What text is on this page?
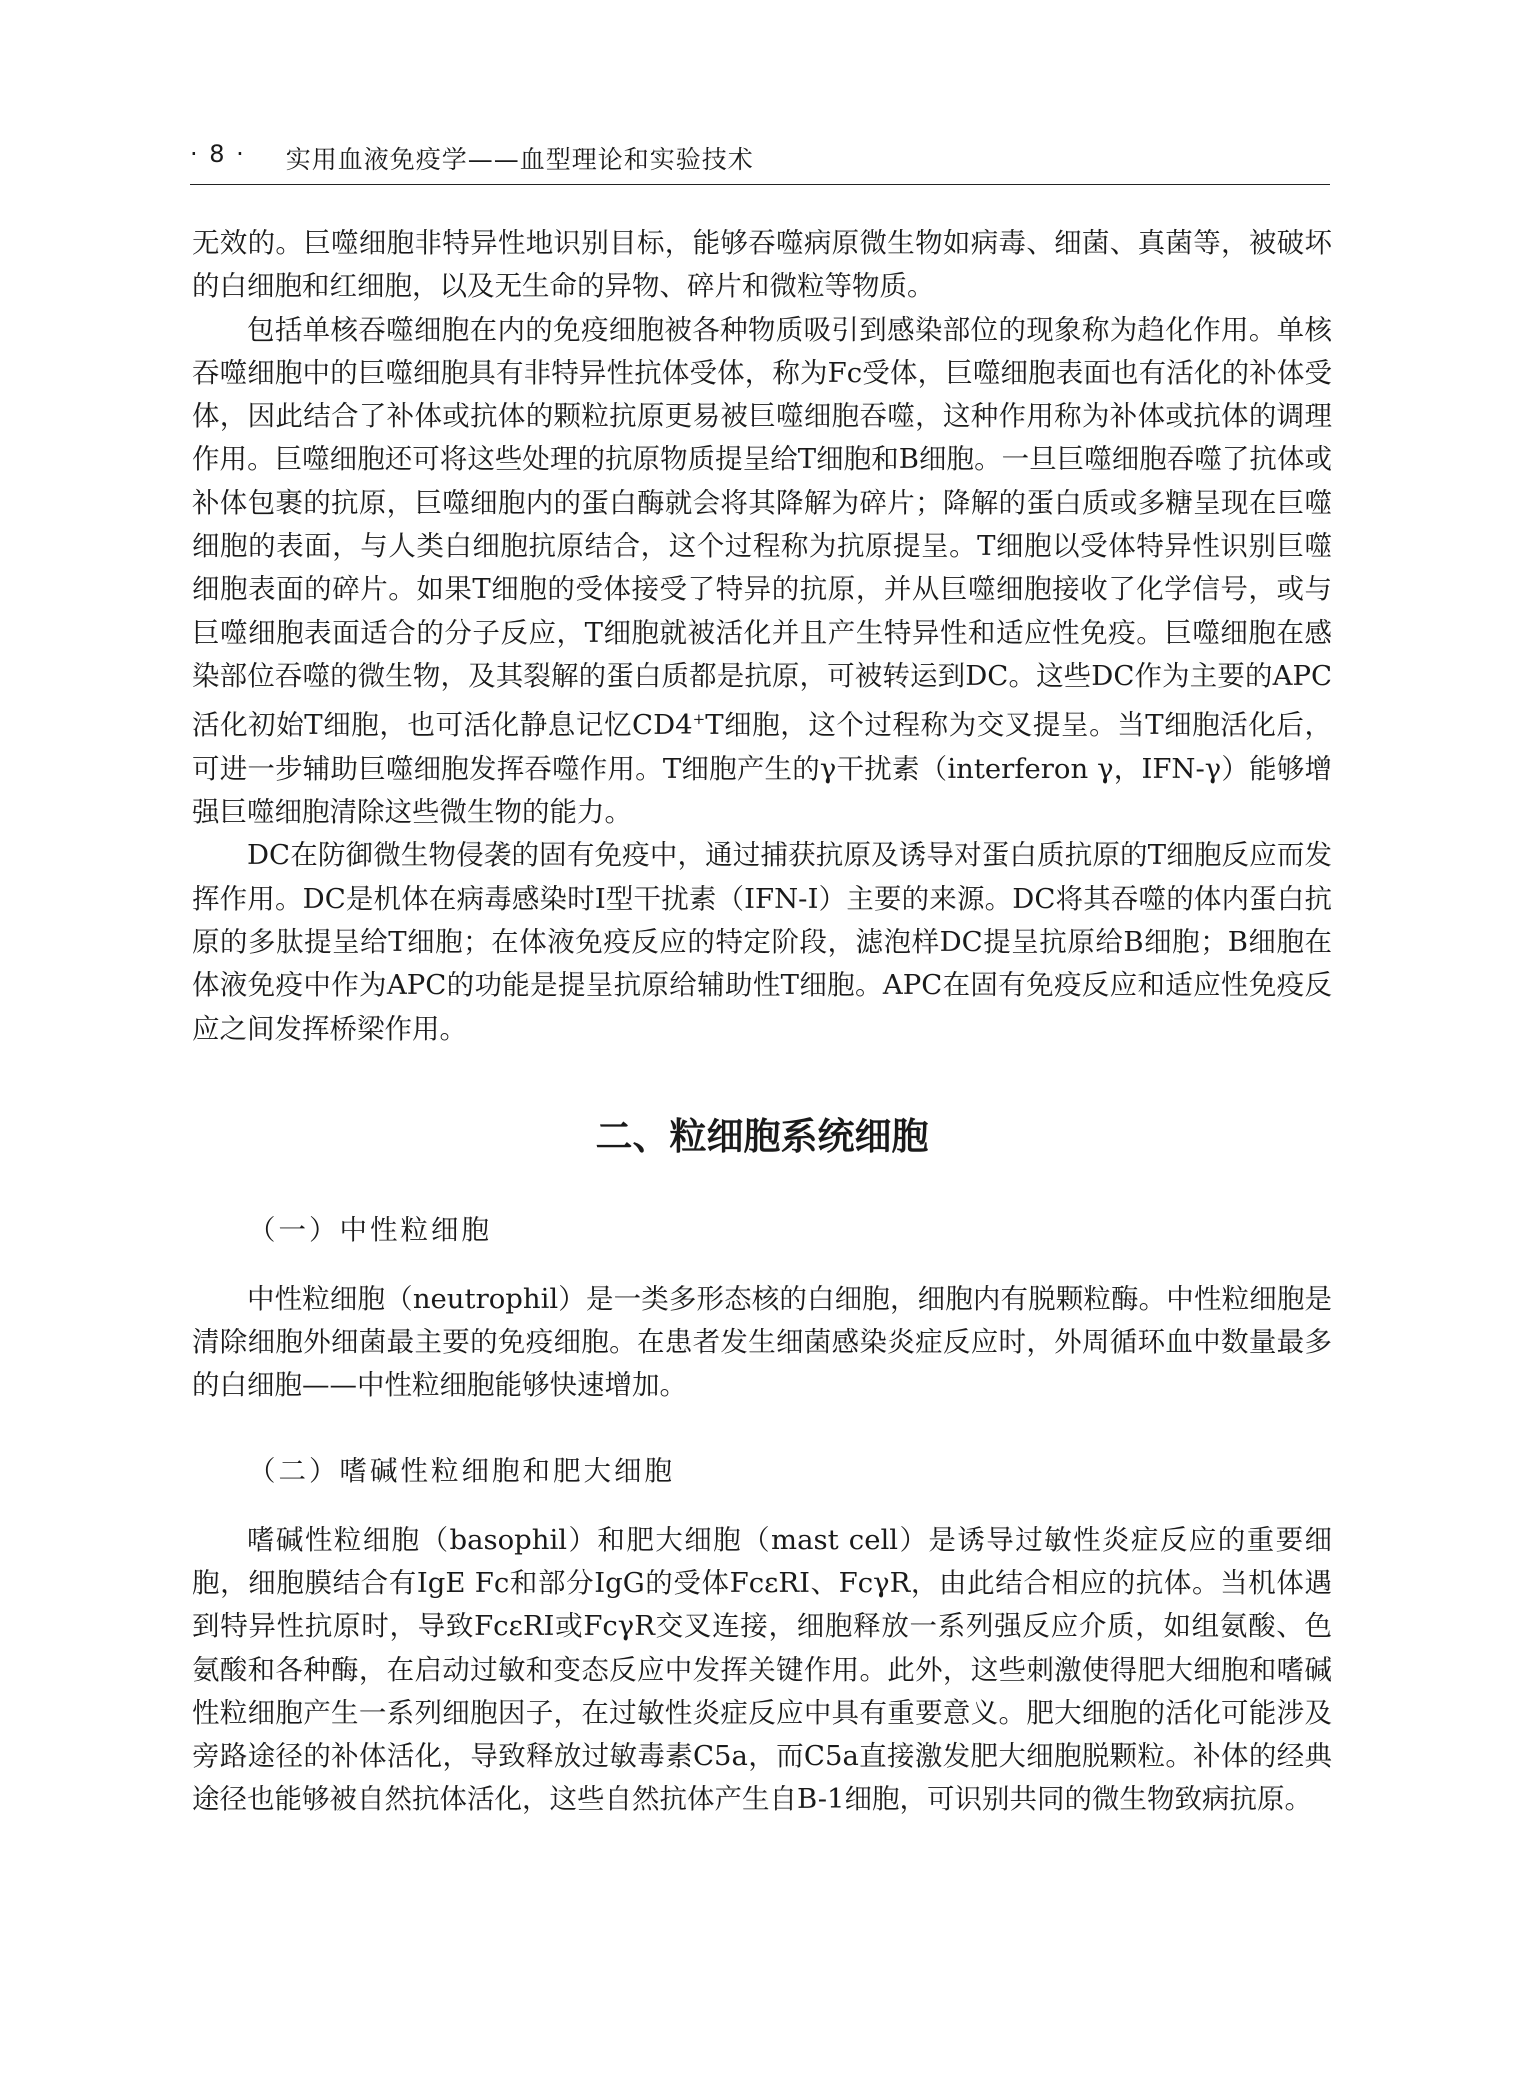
· 8 · 实用血液免疫学——血型理论和实验技术

无效的。巨噬细胞非特异性地识别目标，能够吞噬病原微生物如病毒、细菌、真菌等，被破坏的白细胞和红细胞，以及无生命的异物、碎片和微粒等物质。

包括单核吞噬细胞在内的免疫细胞被各种物质吸引到感染部位的现象称为趋化作用。单核吞噬细胞中的巨噬细胞具有非特异性抗体受体，称为Fc受体，巨噬细胞表面也有活化的补体受体，因此结合了补体或抗体的颗粒抗原更易被巨噬细胞吞噬，这种作用称为补体或抗体的调理作用。巨噬细胞还可将这些处理的抗原物质提呈给T细胞和B细胞。一旦巨噬细胞吞噬了抗体或补体包裹的抗原，巨噬细胞内的蛋白酶就会将其降解为碎片；降解的蛋白质或多糖呈现在巨噬细胞的表面，与人类白细胞抗原结合，这个过程称为抗原提呈。T细胞以受体特异性识别巨噬细胞表面的碎片。如果T细胞的受体接受了特异的抗原，并从巨噬细胞接收了化学信号，或与巨噬细胞表面适合的分子反应，T细胞就被活化并且产生特异性和适应性免疫。巨噬细胞在感染部位吞噬的微生物，及其裂解的蛋白质都是抗原，可被转运到DC。这些DC作为主要的APC活化初始T细胞，也可活化静息记忆CD4+T细胞，这个过程称为交叉提呈。当T细胞活化后，可进一步辅助巨噬细胞发挥吞噬作用。T细胞产生的γ干扰素（interferon γ，IFN-γ）能够增强巨噬细胞清除这些微生物的能力。

DC在防御微生物侵袭的固有免疫中，通过捕获抗原及诱导对蛋白质抗原的T细胞反应而发挥作用。DC是机体在病毒感染时Ⅰ型干扰素（IFN-Ⅰ）主要的来源。DC将其吞噬的体内蛋白抗原的多肽提呈给T细胞；在体液免疫反应的特定阶段，滤泡样DC提呈抗原给B细胞；B细胞在体液免疫中作为APC的功能是提呈抗原给辅助性T细胞。APC在固有免疫反应和适应性免疫反应之间发挥桥梁作用。

二、粒细胞系统细胞
（一）中性粒细胞

中性粒细胞（neutrophil）是一类多形态核的白细胞，细胞内有脱颗粒酶。中性粒细胞是清除细胞外细菌最主要的免疫细胞。在患者发生细菌感染炎症反应时，外周循环血中数量最多的白细胞——中性粒细胞能够快速增加。

（二）嗜碱性粒细胞和肥大细胞

嗜碱性粒细胞（basophil）和肥大细胞（mast cell）是诱导过敏性炎症反应的重要细胞，细胞膜结合有IgE Fc和部分IgG的受体FcεRI、FcγR，由此结合相应的抗体。当机体遇到特异性抗原时，导致FcεRI或FcγR交叉连接，细胞释放一系列强反应介质，如组氨酸、色氨酸和各种酶，在启动过敏和变态反应中发挥关键作用。此外，这些刺激使得肥大细胞和嗜碱性粒细胞产生一系列细胞因子，在过敏性炎症反应中具有重要意义。肥大细胞的活化可能涉及旁路途径的补体活化，导致释放过敏毒素C5a，而C5a直接激发肥大细胞脱颗粒。补体的经典途径也能够被自然抗体活化，这些自然抗体产生自B-1细胞，可识别共同的微生物致病抗原。
